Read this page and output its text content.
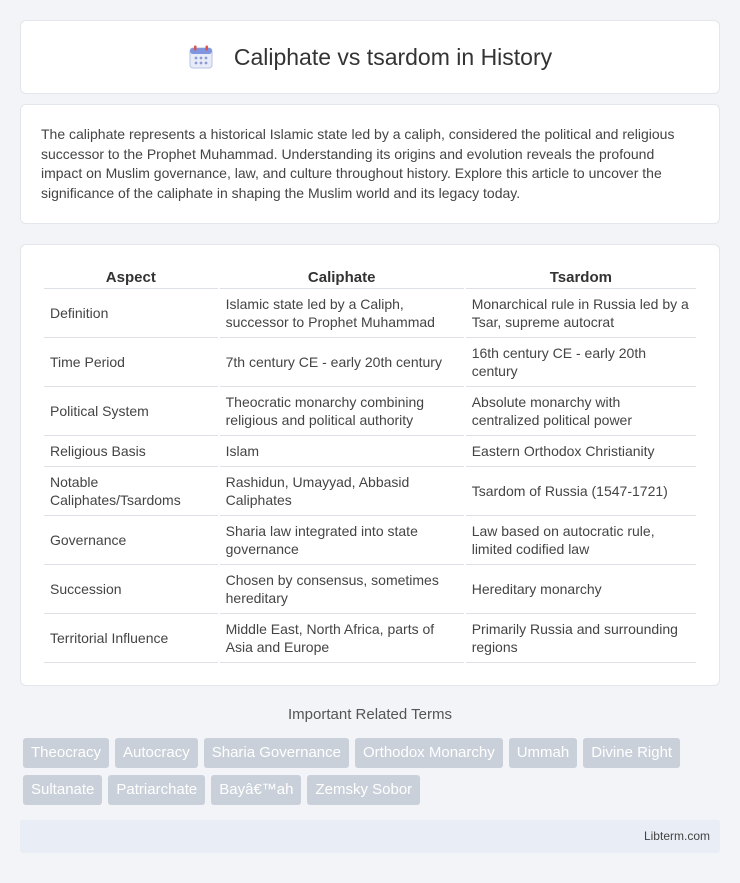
Caliphate vs tsardom in History

The caliphate represents a historical Islamic state led by a caliph, considered the political and religious successor to the Prophet Muhammad. Understanding its origins and evolution reveals the profound impact on Muslim governance, law, and culture throughout history. Explore this article to uncover the significance of the caliphate in shaping the Muslim world and its legacy today.

Aspect	Caliphate	Tsardom
Definition	Islamic state led by a Caliph, successor to Prophet Muhammad	Monarchical rule in Russia led by a Tsar, supreme autocrat
Time Period	7th century CE - early 20th century	16th century CE - early 20th century
Political System	Theocratic monarchy combining religious and political authority	Absolute monarchy with centralized political power
Religious Basis	Islam	Eastern Orthodox Christianity
Notable Caliphates/Tsardoms	Rashidun, Umayyad, Abbasid Caliphates	Tsardom of Russia (1547-1721)
Governance	Sharia law integrated into state governance	Law based on autocratic rule, limited codified law
Succession	Chosen by consensus, sometimes hereditary	Hereditary monarchy
Territorial Influence	Middle East, North Africa, parts of Asia and Europe	Primarily Russia and surrounding regions
Important Related Terms
Theocracy	Autocracy	Sharia Governance	Orthodox Monarchy	Ummah	Divine Right
Sultanate	Patriarchate	Bayâ€™ah	Zemsky Sobor
Libterm.com
